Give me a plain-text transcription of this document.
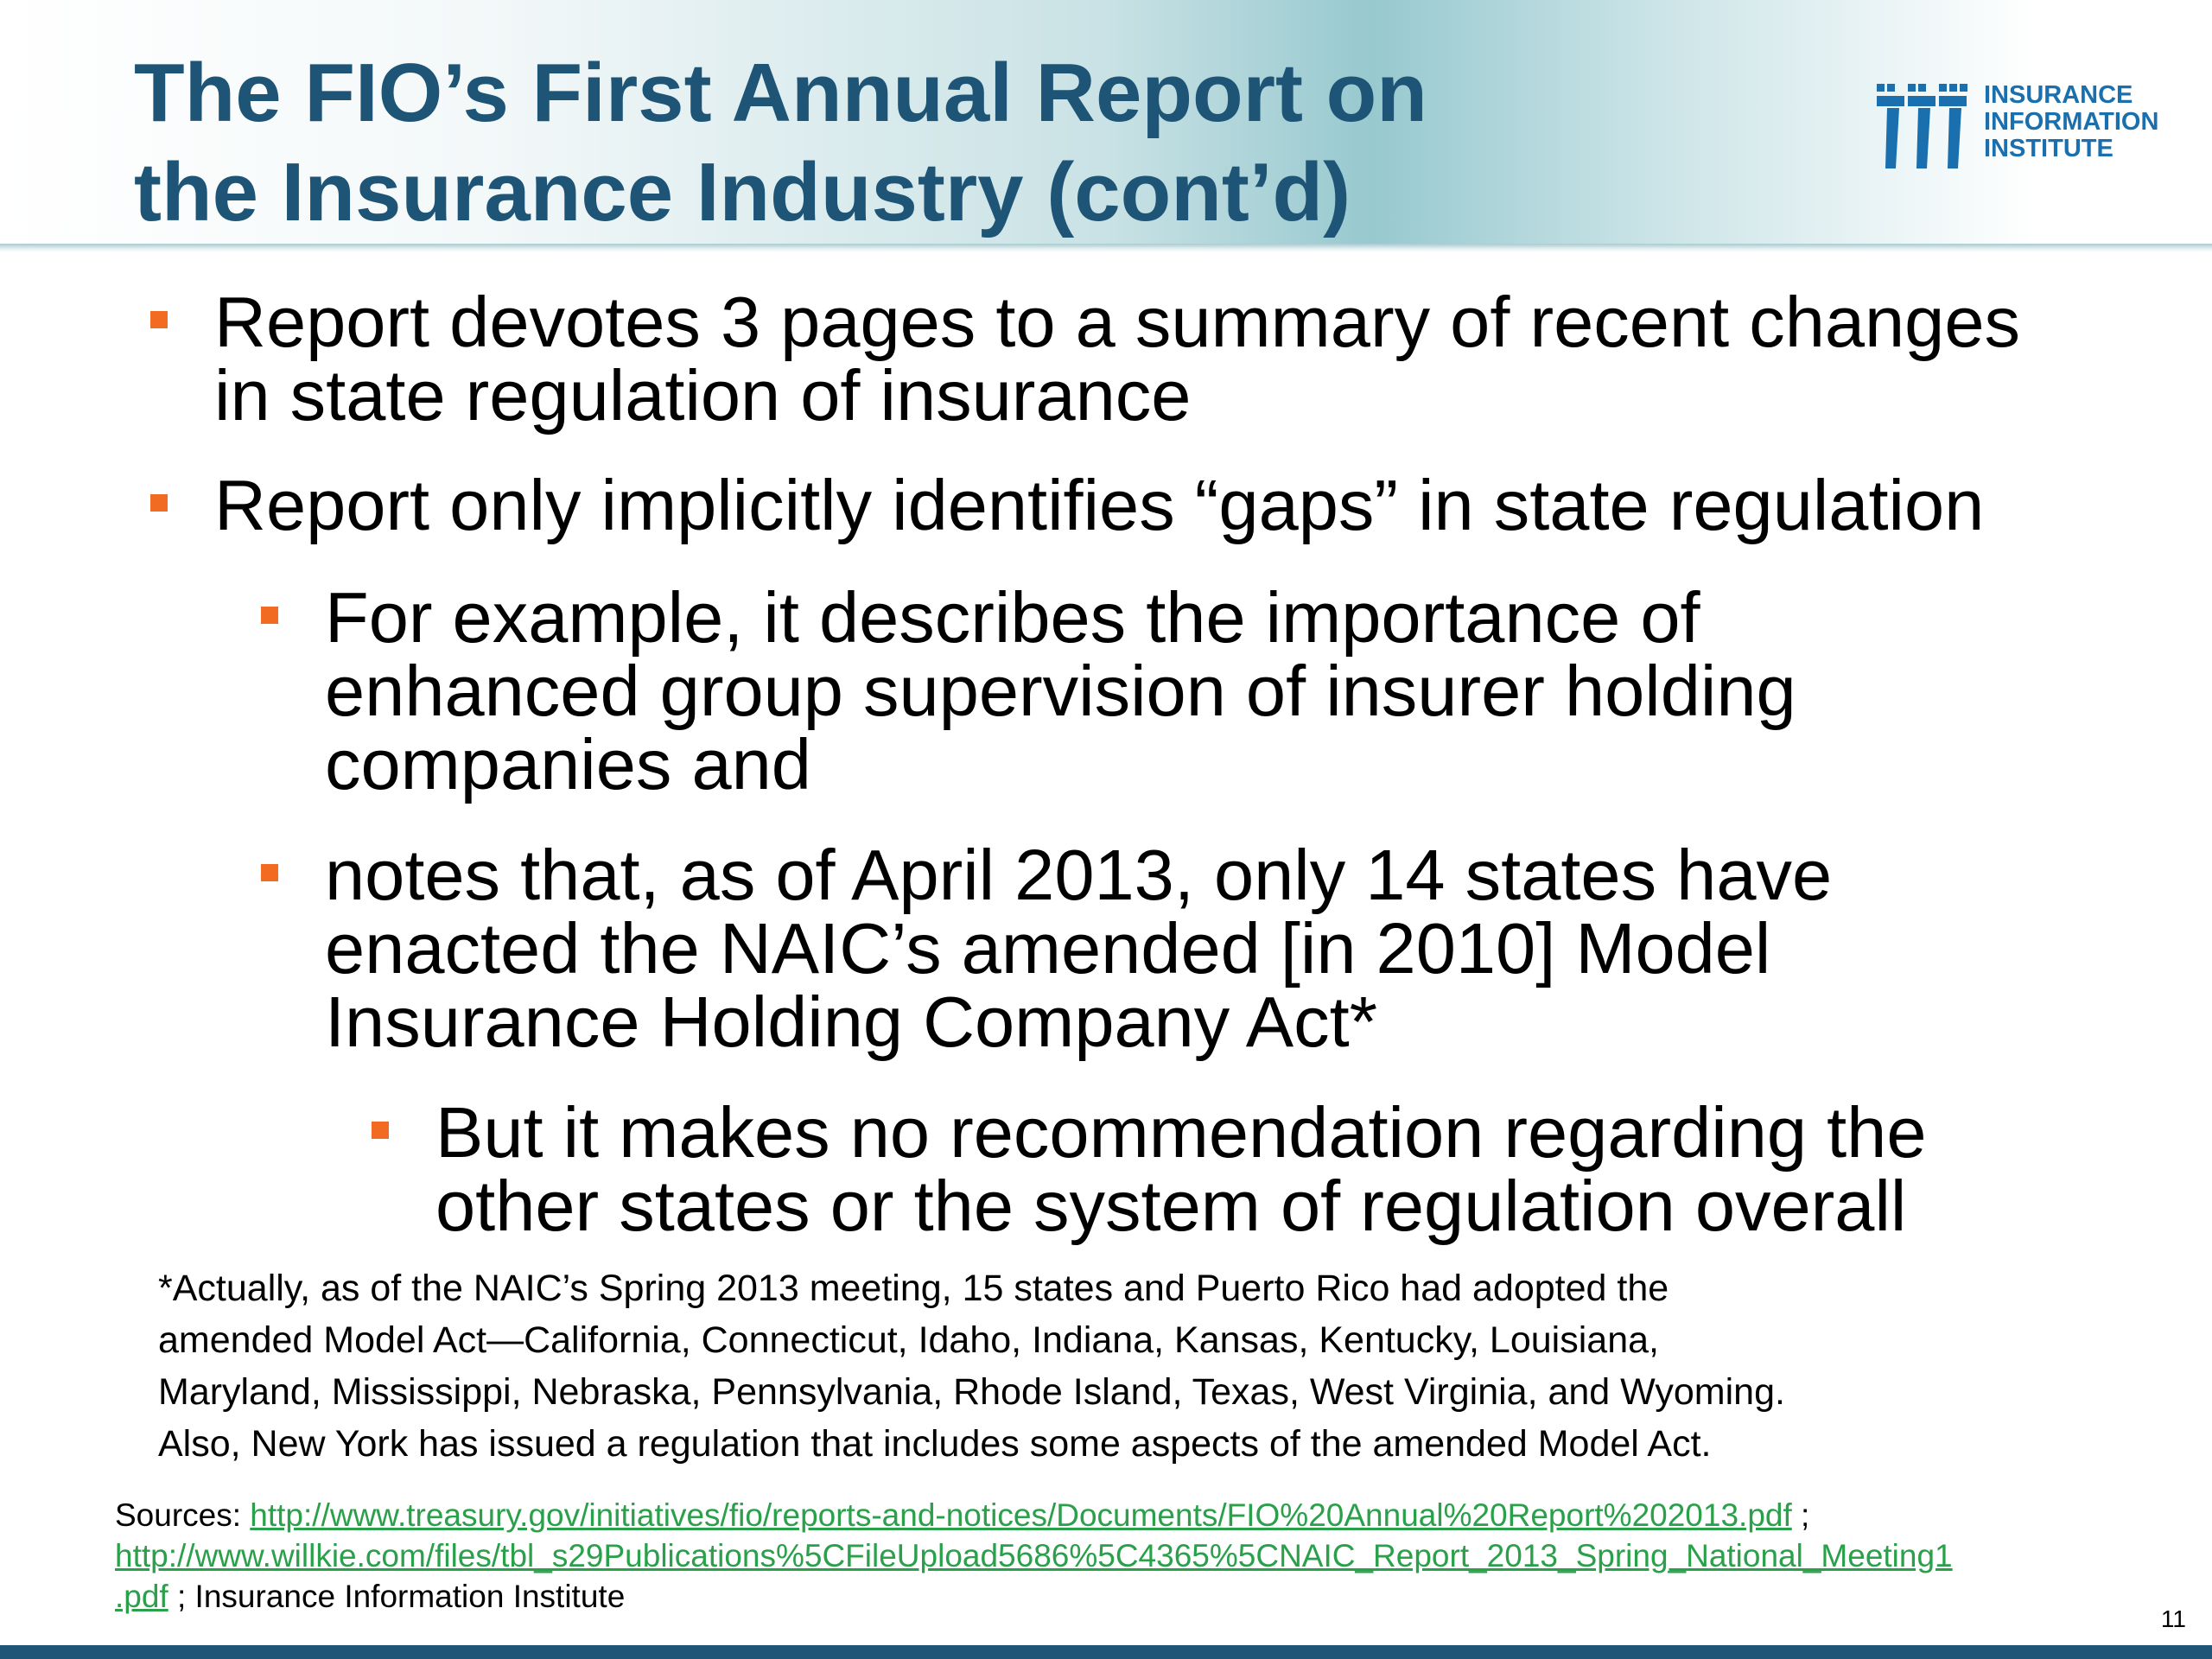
The FIO’s First Annual Report on
the Insurance Industry (cont’d)
INSURANCE
INFORMATION
INSTITUTE
Report devotes 3 pages to a summary of recent changes
in state regulation of insurance
Report only implicitly identifies “gaps” in state regulation
For example, it describes the importance of
enhanced group supervision of insurer holding
companies and
notes that, as of April 2013, only 14 states have
enacted the NAIC’s amended [in 2010] Model
Insurance Holding Company Act*
But it makes no recommendation regarding the
other states or the system of regulation overall
*Actually, as of the NAIC’s Spring 2013 meeting, 15 states and Puerto Rico had adopted the
amended Model Act—California, Connecticut, Idaho, Indiana, Kansas, Kentucky, Louisiana,
Maryland, Mississippi, Nebraska, Pennsylvania, Rhode Island, Texas, West Virginia, and Wyoming.
Also, New York has issued a regulation that includes some aspects of the amended Model Act.
Sources: http://www.treasury.gov/initiatives/fio/reports-and-notices/Documents/FIO%20Annual%20Report%202013.pdf ;
http://www.willkie.com/files/tbl_s29Publications%5CFileUpload5686%5C4365%5CNAIC_Report_2013_Spring_National_Meeting1
.pdf ; Insurance Information Institute
11
